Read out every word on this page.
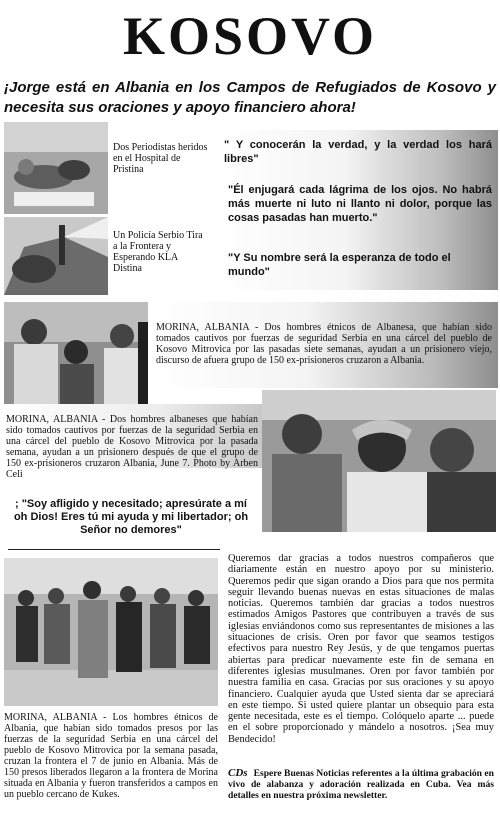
KOSOVO
¡Jorge está en Albania en los Campos de Refugiados de Kosovo y necesita sus oraciones y apoyo financiero ahora!
Dos Periodistas heridos en el Hospital de Pristina
Un Policía Serbio Tira a la Frontera y Esperando KLA Distina
" Y conocerán la verdad, y la verdad los hará libres"
"Él enjugará cada lágrima de los ojos. No habrá más muerte ni luto ni llanto ni dolor, porque las cosas pasadas han muerto."
"Y Su nombre será la esperanza de todo el mundo"
MORINA, ALBANIA - Dos hombres étnicos de Albanesa, que habían sido tomados cautivos por fuerzas de seguridad Serbia en una cárcel del pueblo de Kosovo Mitrovica por las pasadas siete semanas, ayudan a un prisionero viejo, discurso de afuera grupo de 150 ex-prisioneros cruzaron a Albania.
MORINA, ALBANIA - Dos hombres albaneses que habían sido tomados cautivos por fuerzas de la seguridad Serbia en una cárcel del pueblo de Kosovo Mitrovica por la pasada semana, ayudan a un prisionero después de que el grupo de 150 ex-prisioneros cruzaron Albania, June 7. Photo by Arben Celi
; "Soy afligido y necesitado; apresúrate a mí oh Dios! Eres tú mi ayuda y mi libertador; oh Señor no demores"
MORINA, ALBANIA - Los hombres étnicos de Albania, que habían sido tomados presos por las fuerzas de la seguridad Serbia en una cárcel del pueblo de Kosovo Mitrovica por la semana pasada, cruzan la frontera el 7 de junio en Albania. Más de 150 presos liberados llegaron a la frontera de Morina situada en Albania y fueron transferidos a campos en un pueblo cercano de Kukes.
Queremos dar gracias a todos nuestros compañeros que diariamente están en nuestro apoyo por su ministerio. Queremos pedir que sigan orando a Dios para que nos permita seguir llevando buenas nuevas en estas situaciones de malas noticias. Queremos también dar gracias a todos nuestros estimados Amigos Pastores que contribuyen a través de sus iglesias enviándonos como sus representantes de misiones a las situaciones de crisis. Oren por favor que seamos testigos efectivos para nuestro Rey Jesús, y de que tengamos puertas abiertas para predicar nuevamente este fin de semana en diferentes iglesias musulmanes. Oren por favor también por nuestra familia en casa. Gracias por sus oraciones y su apoyo financiero. Cualquier ayuda que Usted sienta dar se apreciará en este tiempo. Si usted quiere plantar un obsequio para esta gente necesitada, este es el tiempo. Colóquelo aparte ... puede en el sobre proporcionado y mándelo a nosotros. ¡Sea muy Bendecido!
CDs Espere Buenas Noticias referentes a la última grabación en vivo de alabanza y adoración realizada en Cuba. Vea más detalles en nuestra próxima newsletter.
